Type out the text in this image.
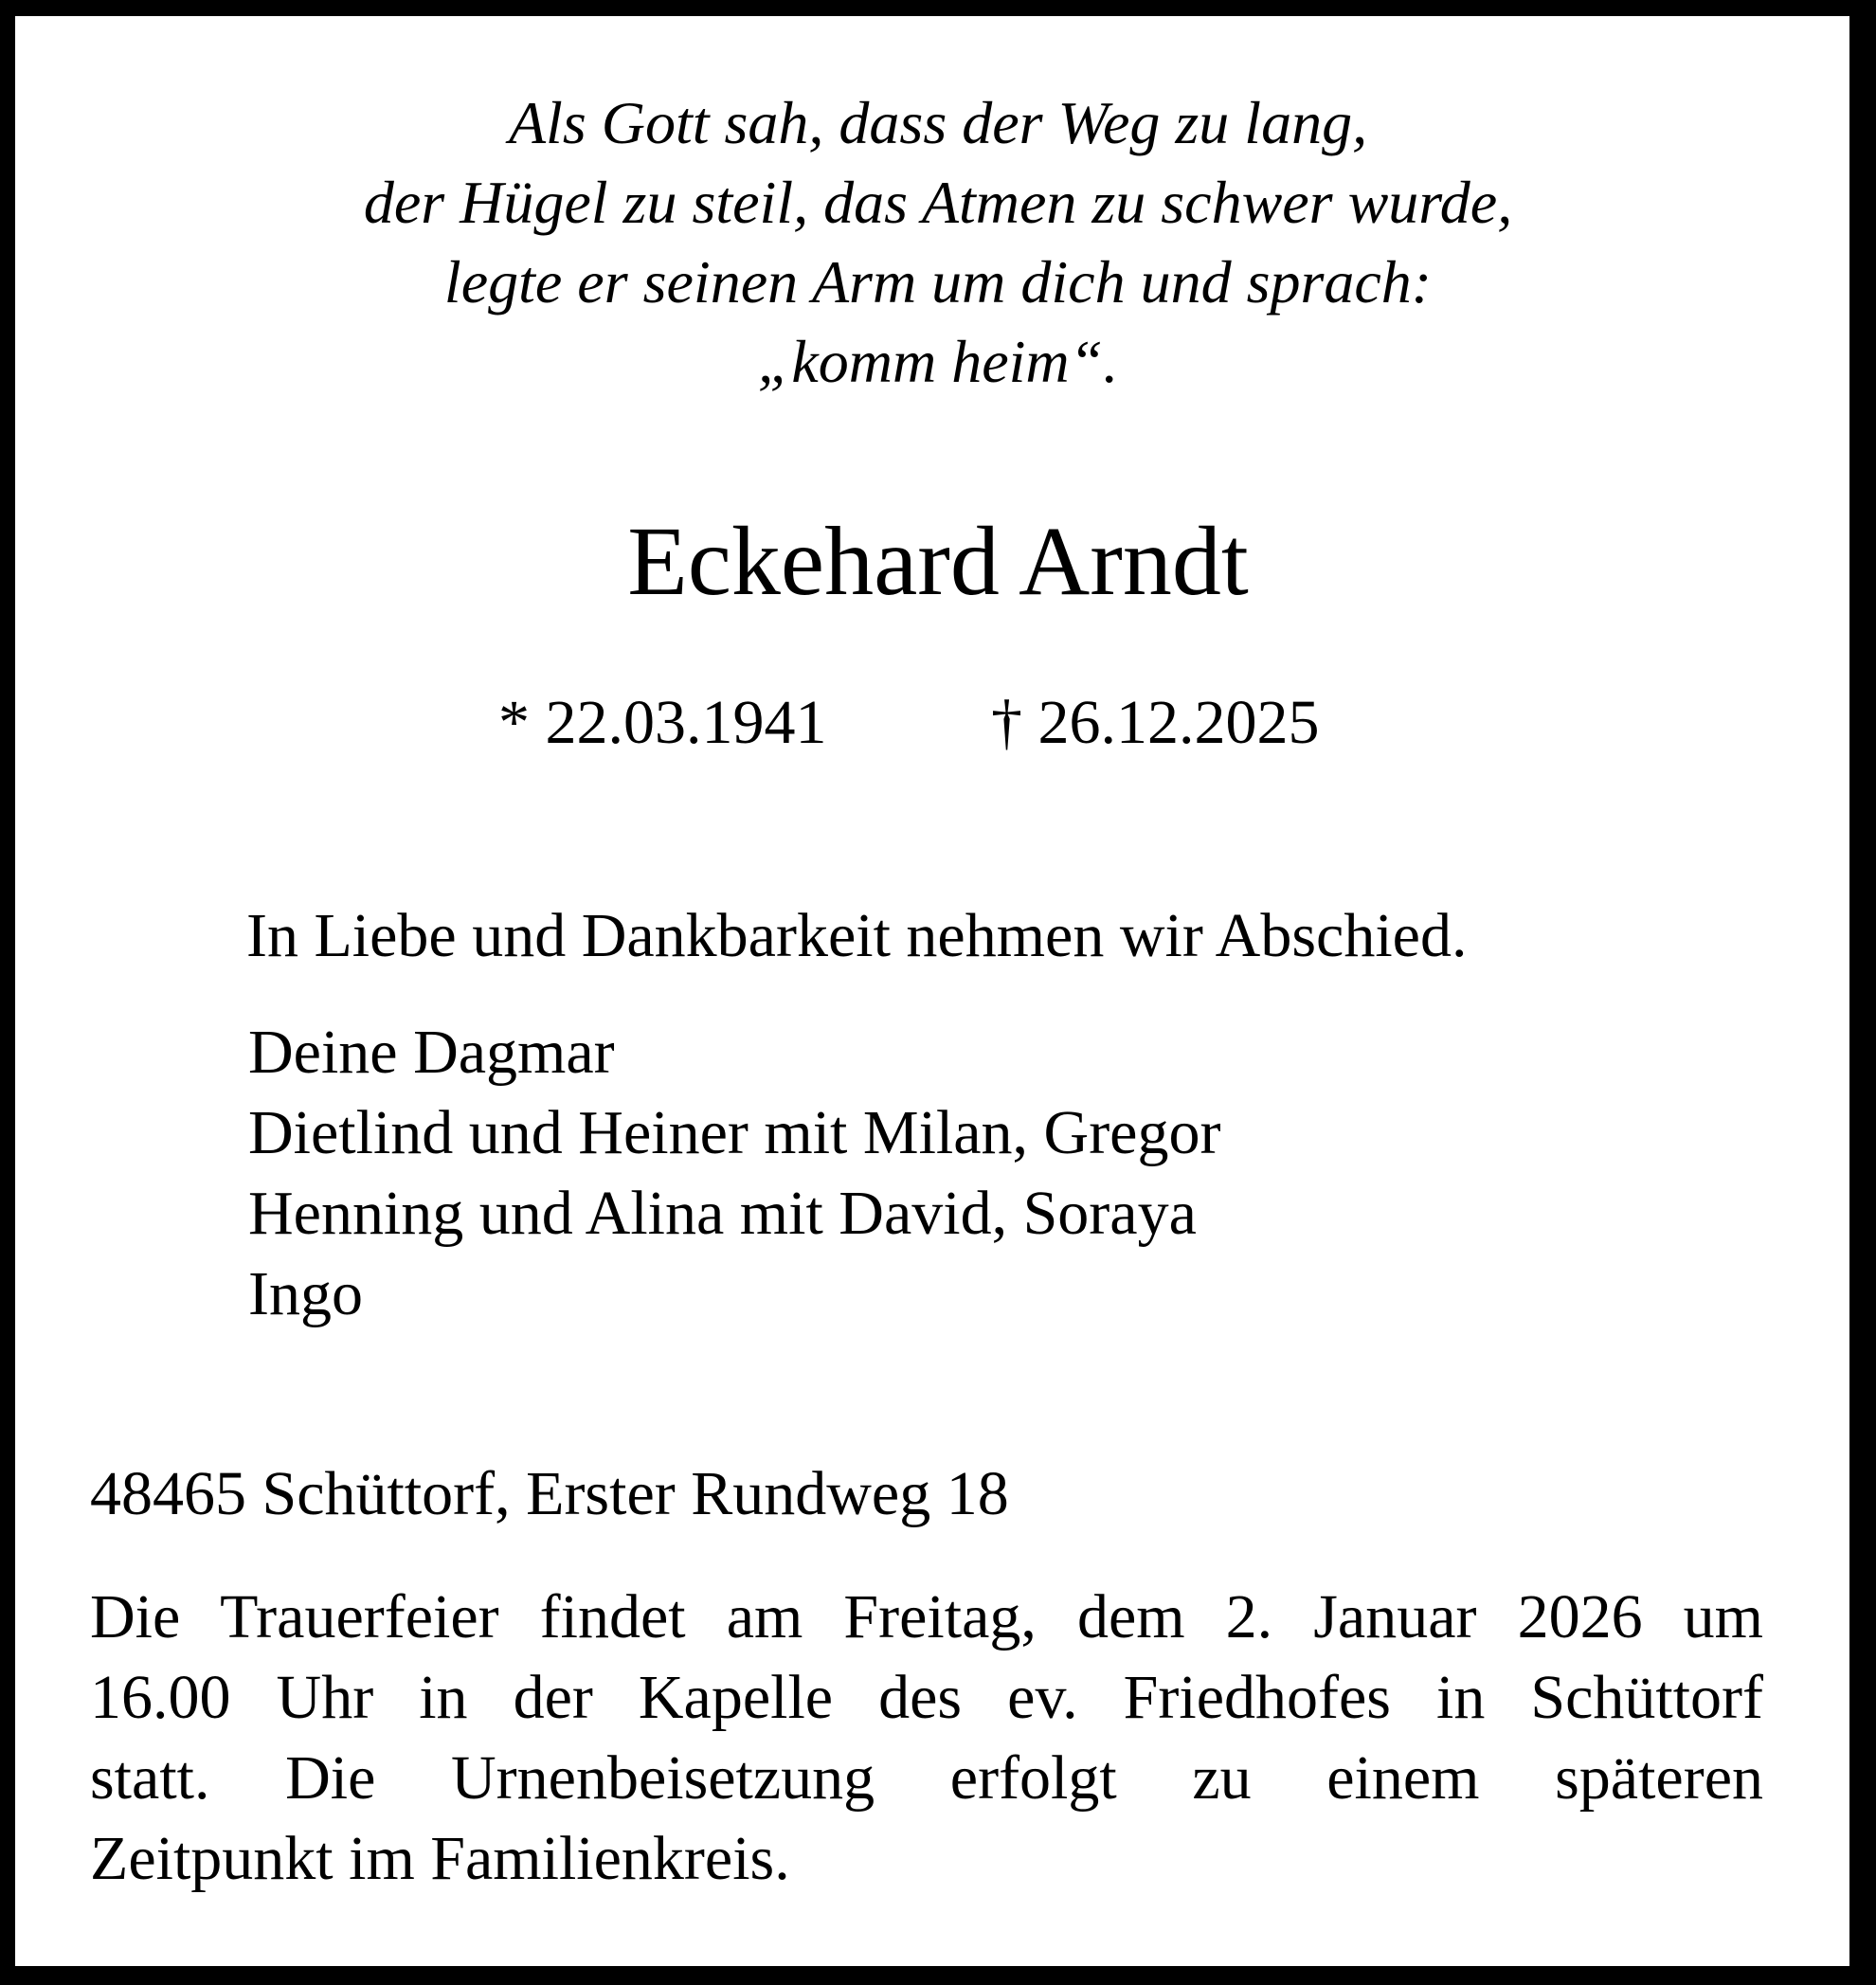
Als Gott sah, dass der Weg zu lang,
der Hügel zu steil, das Atmen zu schwer wurde,
legte er seinen Arm um dich und sprach:
„komm heim“.
Eckehard Arndt
* 22.03.1941	† 26.12.2025
In Liebe und Dankbarkeit nehmen wir Abschied.
Deine Dagmar
Dietlind und Heiner mit Milan, Gregor
Henning und Alina mit David, Soraya
Ingo
48465 Schüttorf, Erster Rundweg 18
Die Trauerfeier findet am Freitag, dem 2. Januar 2026 um
16.00 Uhr in der Kapelle des ev. Friedhofes in Schüttorf
statt. Die Urnenbeisetzung erfolgt zu einem späteren
Zeitpunkt im Familienkreis.
